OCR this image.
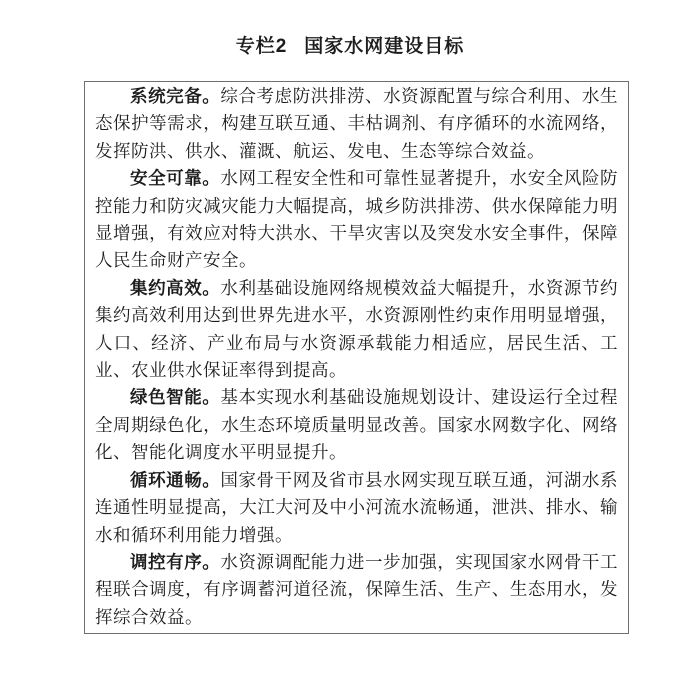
专栏2 国家水网建设目标

系统完备。综合考虑防洪排涝、水资源配置与综合利用、水生态保护等需求，构建互联互通、丰枯调剂、有序循环的水流网络，发挥防洪、供水、灌溉、航运、发电、生态等综合效益。

安全可靠。水网工程安全性和可靠性显著提升，水安全风险防控能力和防灾减灾能力大幅提高，城乡防洪排涝、供水保障能力明显增强，有效应对特大洪水、干旱灾害以及突发水安全事件，保障人民生命财产安全。

集约高效。水利基础设施网络规模效益大幅提升，水资源节约集约高效利用达到世界先进水平，水资源刚性约束作用明显增强，人口、经济、产业布局与水资源承载能力相适应，居民生活、工业、农业供水保证率得到提高。

绿色智能。基本实现水利基础设施规划设计、建设运行全过程全周期绿色化，水生态环境质量明显改善。国家水网数字化、网络化、智能化调度水平明显提升。

循环通畅。国家骨干网及省市县水网实现互联互通，河湖水系连通性明显提高，大江大河及中小河流水流畅通，泄洪、排水、输水和循环利用能力增强。

调控有序。水资源调配能力进一步加强，实现国家水网骨干工程联合调度，有序调蓄河道径流，保障生活、生产、生态用水，发挥综合效益。
